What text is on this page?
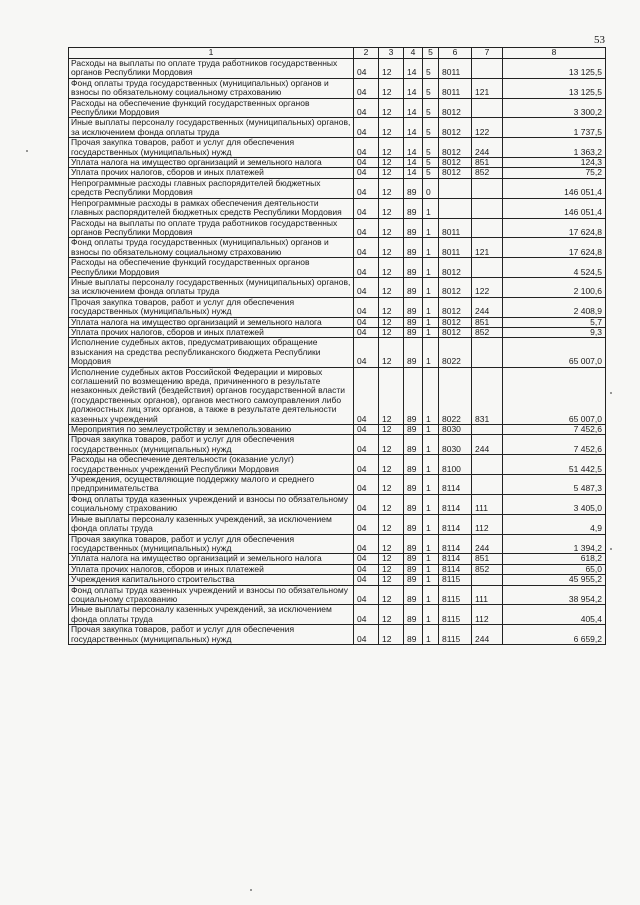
53
1	2	3	4	5	6	7	8
Расходы на выплаты по оплате труда работников государственных органов Республики Мордовия	04	12	14	5	8011		13 125,5
Фонд оплаты труда государственных (муниципальных) органов и взносы по обязательному социальному страхованию	04	12	14	5	8011	121	13 125,5
Расходы на обеспечение функций государственных органов Республики Мордовия	04	12	14	5	8012		3 300,2
Иные выплаты персоналу государственных (муниципальных) органов, за исключением фонда оплаты труда	04	12	14	5	8012	122	1 737,5
Прочая закупка товаров, работ и услуг для обеспечения государственных (муниципальных) нужд	04	12	14	5	8012	244	1 363,2
Уплата налога на имущество организаций и земельного налога	04	12	14	5	8012	851	124,3
Уплата прочих налогов, сборов и иных платежей	04	12	14	5	8012	852	75,2
Непрограммные расходы главных распорядителей бюджетных средств Республики Мордовия	04	12	89	0			146 051,4
Непрограммные расходы в рамках обеспечения деятельности главных распорядителей бюджетных средств Республики Мордовия	04	12	89	1			146 051,4
Расходы на выплаты по оплате труда работников государственных органов Республики Мордовия	04	12	89	1	8011		17 624,8
Фонд оплаты труда государственных (муниципальных) органов и взносы по обязательному социальному страхованию	04	12	89	1	8011	121	17 624,8
Расходы на обеспечение функций государственных органов Республики Мордовия	04	12	89	1	8012		4 524,5
Иные выплаты персоналу государственных (муниципальных) органов, за исключением фонда оплаты труда	04	12	89	1	8012	122	2 100,6
Прочая закупка товаров, работ и услуг для обеспечения государственных (муниципальных) нужд	04	12	89	1	8012	244	2 408,9
Уплата налога на имущество организаций и земельного налога	04	12	89	1	8012	851	5,7
Уплата прочих налогов, сборов и иных платежей	04	12	89	1	8012	852	9,3
Исполнение судебных актов, предусматривающих обращение взыскания на средства республиканского бюджета Республики Мордовия	04	12	89	1	8022		65 007,0
Исполнение судебных актов Российской Федерации и мировых соглашений по возмещению вреда, причиненного в результате незаконных действий (бездействия) органов государственной власти (государственных органов), органов местного самоуправления либо должностных лиц этих органов, а также в результате деятельности казенных учреждений	04	12	89	1	8022	831	65 007,0
Мероприятия по землеустройству и землепользованию	04	12	89	1	8030		7 452,6
Прочая закупка товаров, работ и услуг для обеспечения государственных (муниципальных) нужд	04	12	89	1	8030	244	7 452,6
Расходы на обеспечение деятельности (оказание услуг) государственных учреждений Республики Мордовия	04	12	89	1	8100		51 442,5
Учреждения, осуществляющие поддержку малого и среднего предпринимательства	04	12	89	1	8114		5 487,3
Фонд оплаты труда казенных учреждений и взносы по обязательному социальному страхованию	04	12	89	1	8114	111	3 405,0
Иные выплаты персоналу казенных учреждений, за исключением фонда оплаты труда	04	12	89	1	8114	112	4,9
Прочая закупка товаров, работ и услуг для обеспечения государственных (муниципальных) нужд	04	12	89	1	8114	244	1 394,2
Уплата налога на имущество организаций и земельного налога	04	12	89	1	8114	851	618,2
Уплата прочих налогов, сборов и иных платежей	04	12	89	1	8114	852	65,0
Учреждения капитального строительства	04	12	89	1	8115		45 955,2
Фонд оплаты труда казенных учреждений и взносы по обязательному социальному страхованию	04	12	89	1	8115	111	38 954,2
Иные выплаты персоналу казенных учреждений, за исключением фонда оплаты труда	04	12	89	1	8115	112	405,4
Прочая закупка товаров, работ и услуг для обеспечения государственных (муниципальных) нужд	04	12	89	1	8115	244	6 659,2
